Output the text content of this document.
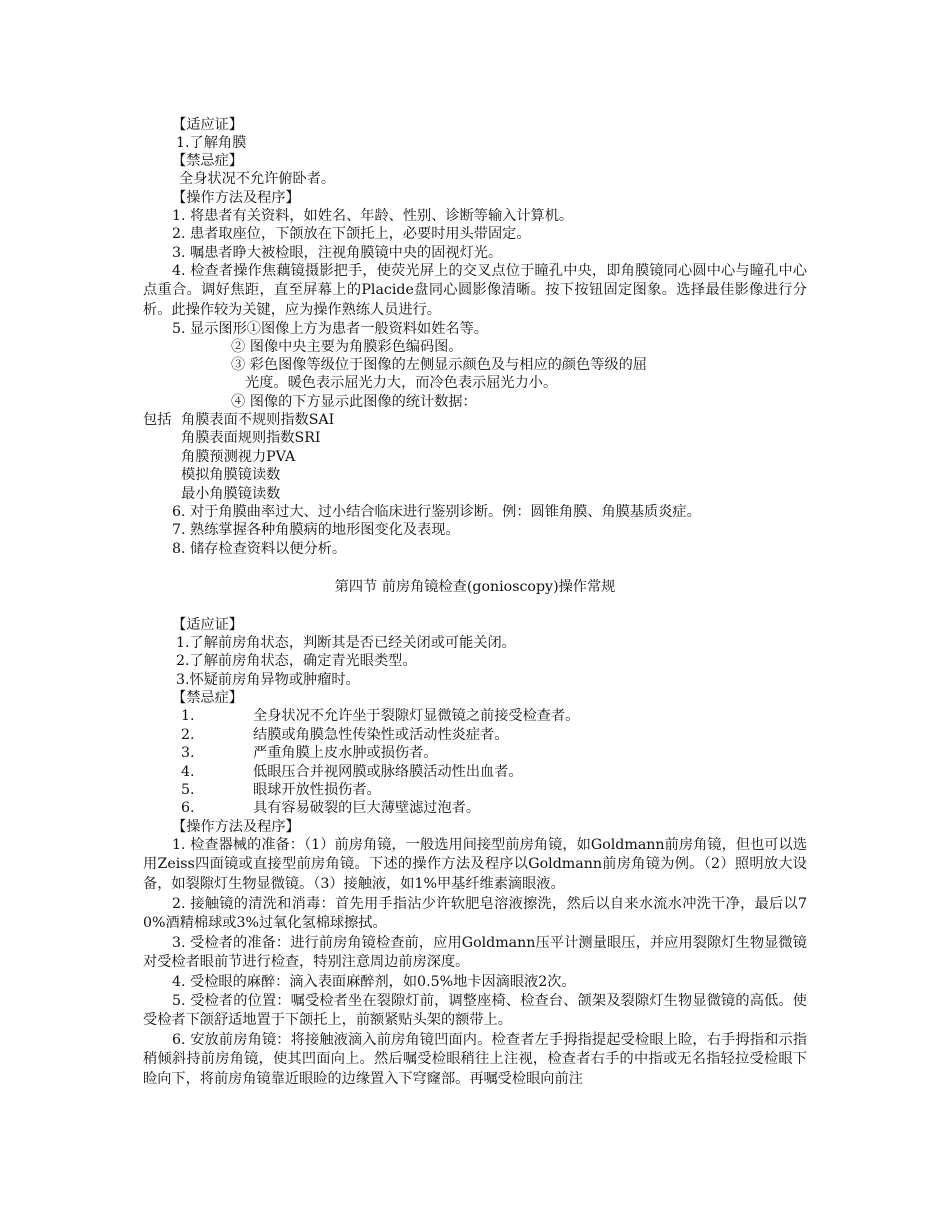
【适应证】
1.了解角膜
【禁忌症】
全身状况不允许俯卧者。
【操作方法及程序】
1. 将患者有关资料，如姓名、年龄、性别、诊断等输入计算机。
2. 患者取座位，下颌放在下颌托上，必要时用头带固定。
3. 嘱患者睁大被检眼，注视角膜镜中央的固视灯光。
4. 检查者操作焦藕镜摄影把手，使荧光屏上的交叉点位于瞳孔中央，即角膜镜同心圆中心与瞳孔中心点重合。调好焦距，直至屏幕上的Placide盘同心圆影像清晰。按下按钮固定图象。选择最佳影像进行分析。此操作较为关键，应为操作熟练人员进行。
5. 显示图形①图像上方为患者一般资料如姓名等。
② 图像中央主要为角膜彩色编码图。
③ 彩色图像等级位于图像的左侧显示颜色及与相应的颜色等级的屈
光度。暖色表示屈光力大，而冷色表示屈光力小。
④ 图像的下方显示此图像的统计数据：
包括 角膜表面不规则指数SAI
角膜表面规则指数SRI
角膜预测视力PVA
模拟角膜镜读数
最小角膜镜读数
6. 对于角膜曲率过大、过小结合临床进行鉴别诊断。例：圆锥角膜、角膜基质炎症。
7. 熟练掌握各种角膜病的地形图变化及表现。
8. 储存检查资料以便分析。
第四节 前房角镜检查(gonioscopy)操作常规
【适应证】
1.了解前房角状态，判断其是否已经关闭或可能关闭。
2.了解前房角状态，确定青光眼类型。
3.怀疑前房角异物或肿瘤时。
【禁忌症】
1.	全身状况不允许坐于裂隙灯显微镜之前接受检查者。
2.	结膜或角膜急性传染性或活动性炎症者。
3.	严重角膜上皮水肿或损伤者。
4.	低眼压合并视网膜或脉络膜活动性出血者。
5.	眼球开放性损伤者。
6.	具有容易破裂的巨大薄壁滤过泡者。
【操作方法及程序】
1. 检查器械的准备：（1）前房角镜，一般选用间接型前房角镜，如Goldmann前房角镜，但也可以选用Zeiss四面镜或直接型前房角镜。下述的操作方法及程序以Goldmann前房角镜为例。（2）照明放大设备，如裂隙灯生物显微镜。（3）接触液，如1%甲基纤维素滴眼液。
2. 接触镜的清洗和消毒：首先用手指沾少许软肥皂溶液擦洗，然后以自来水流水冲洗干净，最后以70%酒精棉球或3%过氧化氢棉球擦拭。
3. 受检者的准备：进行前房角镜检查前，应用Goldmann压平计测量眼压，并应用裂隙灯生物显微镜对受检者眼前节进行检查，特别注意周边前房深度。
4. 受检眼的麻醉：滴入表面麻醉剂，如0.5%地卡因滴眼液2次。
5. 受检者的位置：嘱受检者坐在裂隙灯前，调整座椅、检查台、颌架及裂隙灯生物显微镜的高低。使受检者下颌舒适地置于下颌托上，前额紧贴头架的额带上。
6. 安放前房角镜：将接触液滴入前房角镜凹面内。检查者左手拇指提起受检眼上睑，右手拇指和示指稍倾斜持前房角镜，使其凹面向上。然后嘱受检眼稍往上注视，检查者右手的中指或无名指轻拉受检眼下睑向下，将前房角镜靠近眼睑的边缘置入下穹窿部。再嘱受检眼向前注
